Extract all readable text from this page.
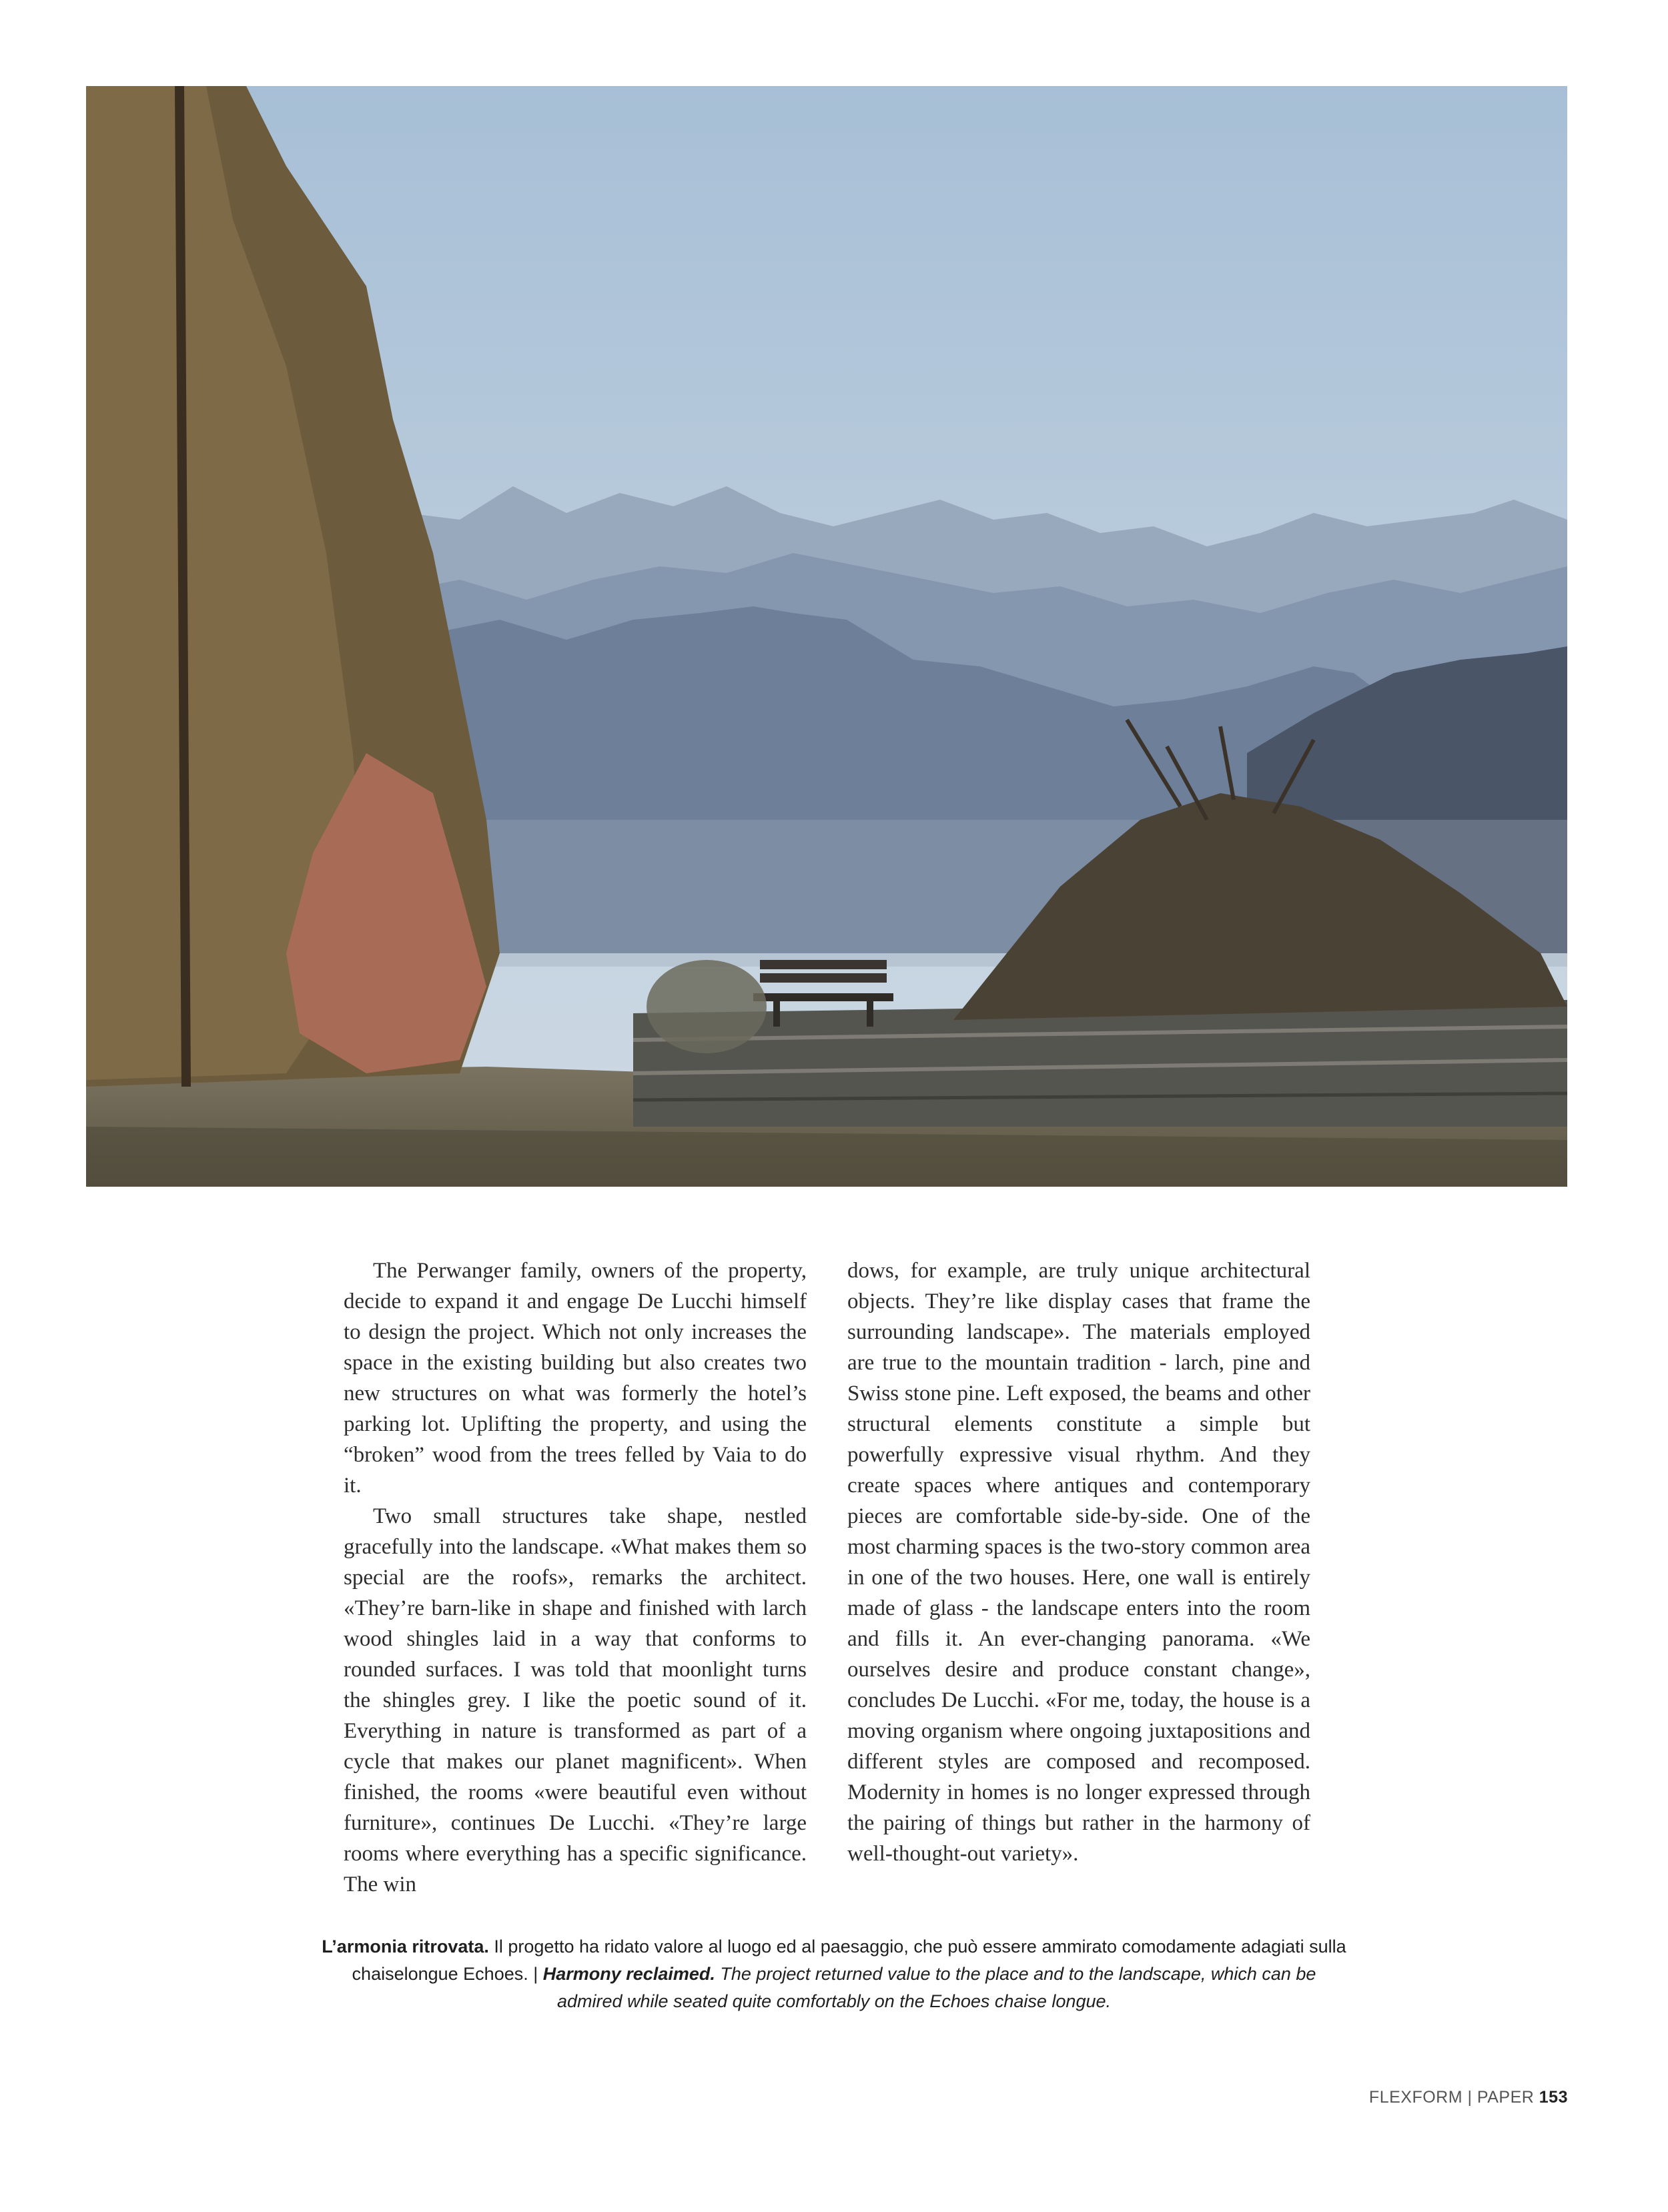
The Perwanger family, owners of the property, decide to expand it and engage De Lucchi himself to design the project. Which not only increases the space in the existing building but also creates two new structures on what was formerly the hotel’s parking lot. Uplifting the property, and using the “broken” wood from the trees felled by Vaia to do it.

Two small structures take shape, nestled gracefully into the landscape. «What makes them so special are the roofs», remarks the architect. «They’re barn-like in shape and finished with larch wood shingles laid in a way that conforms to rounded surfaces. I was told that moonlight turns the shingles grey. I like the poetic sound of it. Everything in nature is transformed as part of a cycle that makes our planet magnificent». When finished, the rooms «were beautiful even without furniture», continues De Lucchi. «They’re large rooms where everything has a specific significance. The win

dows, for example, are truly unique architectural objects. They’re like display cases that frame the surrounding landscape». The materials employed are true to the mountain tradition - larch, pine and Swiss stone pine. Left exposed, the beams and other structural elements constitute a simple but powerfully expressive visual rhythm. And they create spaces where antiques and contemporary pieces are comfortable side-by-side. One of the most charming spaces is the two-story common area in one of the two houses. Here, one wall is entirely made of glass - the landscape enters into the room and fills it. An ever-changing panorama. «We ourselves desire and produce constant change», concludes De Lucchi. «For me, today, the house is a moving organism where ongoing juxtapositions and different styles are composed and recomposed. Modernity in homes is no longer expressed through the pairing of things but rather in the harmony of well-thought-out variety».

L’armonia ritrovata. Il progetto ha ridato valore al luogo ed al paesaggio, che può essere ammirato comodamente adagiati sulla chaiselongue Echoes. | Harmony reclaimed. The project returned value to the place and to the landscape, which can be admired while seated quite comfortably on the Echoes chaise longue.
FLEXFORM | PAPER 153
